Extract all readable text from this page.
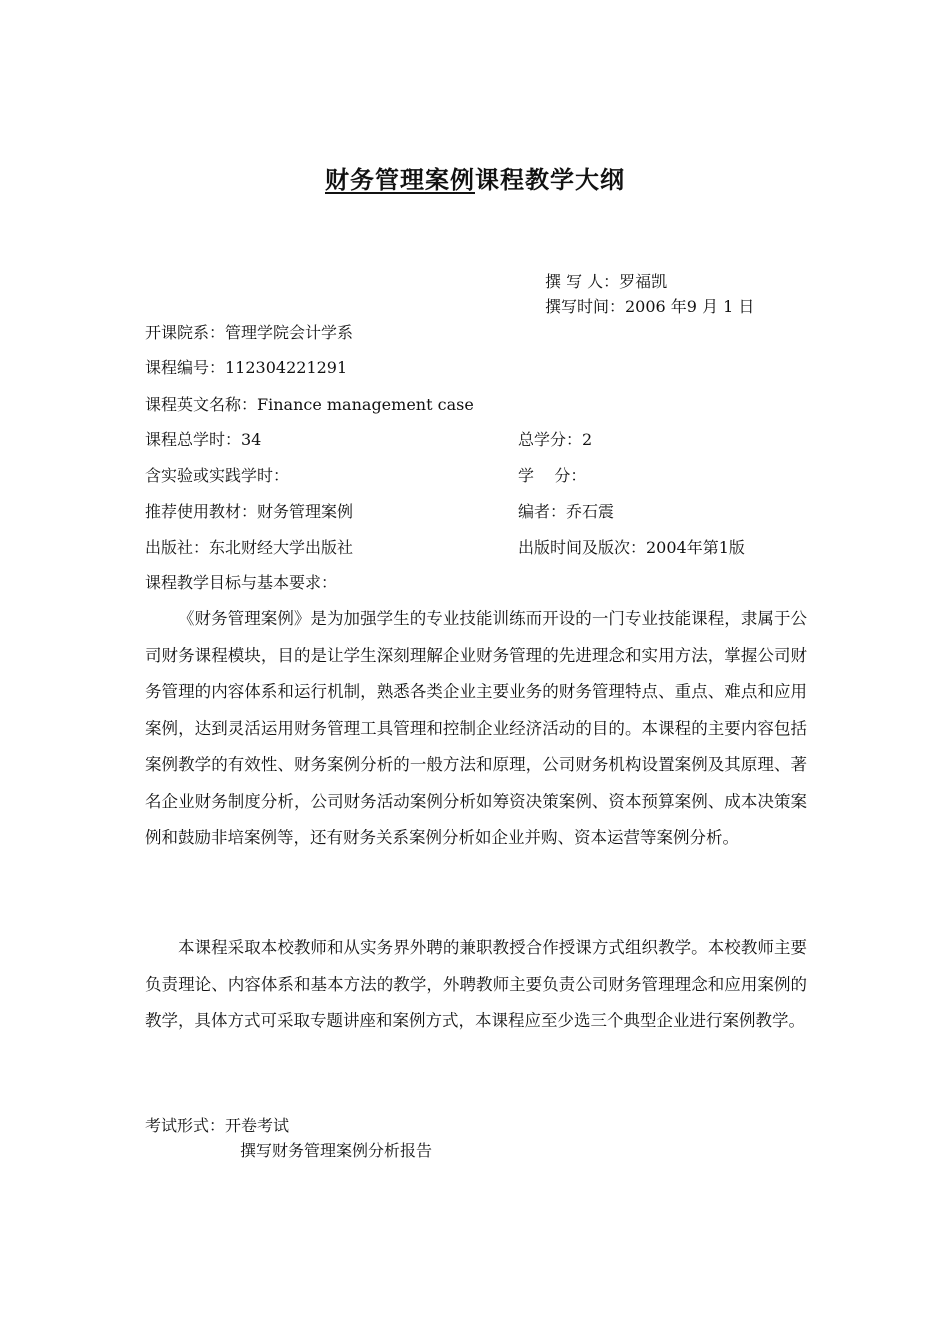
财务管理案例课程教学大纲
撰 写 人：罗福凯
撰写时间：2006 年9 月 1 日
开课院系：管理学院会计学系
课程编号：112304221291
课程英文名称：Finance management case
课程总学时：34	总学分：2
含实验或实践学时：	学    分：
推荐使用教材：财务管理案例	编者：乔石震
出版社：东北财经大学出版社	出版时间及版次：2004年第1版
课程教学目标与基本要求：
《财务管理案例》是为加强学生的专业技能训练而开设的一门专业技能课程，隶属于公司财务课程模块，目的是让学生深刻理解企业财务管理的先进理念和实用方法，掌握公司财务管理的内容体系和运行机制，熟悉各类企业主要业务的财务管理特点、重点、难点和应用案例，达到灵活运用财务管理工具管理和控制企业经济活动的目的。本课程的主要内容包括案例教学的有效性、财务案例分析的一般方法和原理，公司财务机构设置案例及其原理、著名企业财务制度分析，公司财务活动案例分析如筹资决策案例、资本预算案例、成本决策案例和鼓励非培案例等，还有财务关系案例分析如企业并购、资本运营等案例分析。
本课程采取本校教师和从实务界外聘的兼职教授合作授课方式组织教学。本校教师主要负责理论、内容体系和基本方法的教学，外聘教师主要负责公司财务管理理念和应用案例的教学，具体方式可采取专题讲座和案例方式，本课程应至少选三个典型企业进行案例教学。
考试形式：开卷考试
撰写财务管理案例分析报告
